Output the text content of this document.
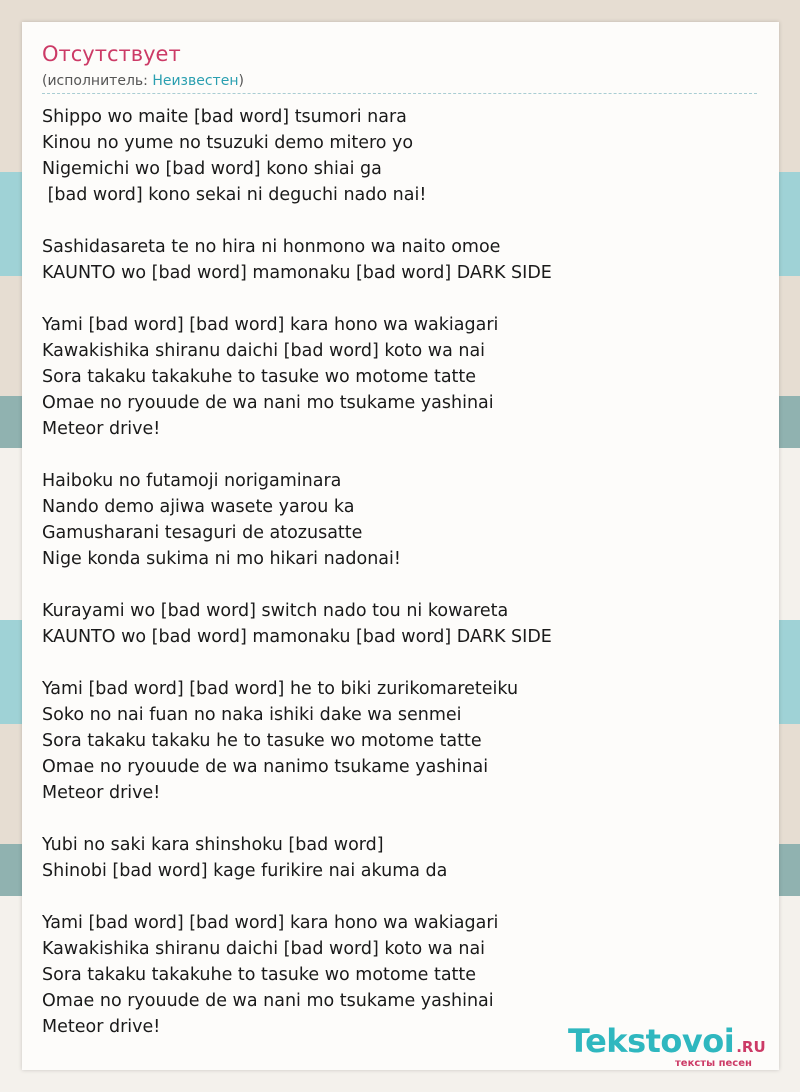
Отсутствует
(исполнитель: Неизвестен)
Shippo wo maite [bad word] tsumori nara
Kinou no yume no tsuzuki demo mitero yo
Nigemichi wo [bad word] kono shiai ga
[bad word] kono sekai ni deguchi nado nai!
Sashidasareta te no hira ni honmono wa naito omoe
KAUNTO wo [bad word] mamonaku [bad word] DARK SIDE
Yami [bad word] [bad word] kara hono wa wakiagari
Kawakishika shiranu daichi [bad word] koto wa nai
Sora takaku takakuhe to tasuke wo motome tatte
Omae no ryouude de wa nani mo tsukame yashinai
Meteor drive!
Haiboku no futamoji norigaminara
Nando demo ajiwa wasete yarou ka
Gamusharani tesaguri de atozusatte
Nige konda sukima ni mo hikari nadonai!
Kurayami wo [bad word] switch nado tou ni kowareta
KAUNTO wo [bad word] mamonaku [bad word] DARK SIDE
Yami [bad word] [bad word] he to biki zurikomareteiku
Soko no nai fuan no naka ishiki dake wa senmei
Sora takaku takaku he to tasuke wo motome tatte
Omae no ryouude de wa nanimo tsukame yashinai
Meteor drive!
Yubi no saki kara shinshoku [bad word]
Shinobi [bad word] kage furikire nai akuma da
Yami [bad word] [bad word] kara hono wa wakiagari
Kawakishika shiranu daichi [bad word] koto wa nai
Sora takaku takakuhe to tasuke wo motome tatte
Omae no ryouude de wa nani mo tsukame yashinai
Meteor drive!	Tekstovoi .RU
тексты песен
